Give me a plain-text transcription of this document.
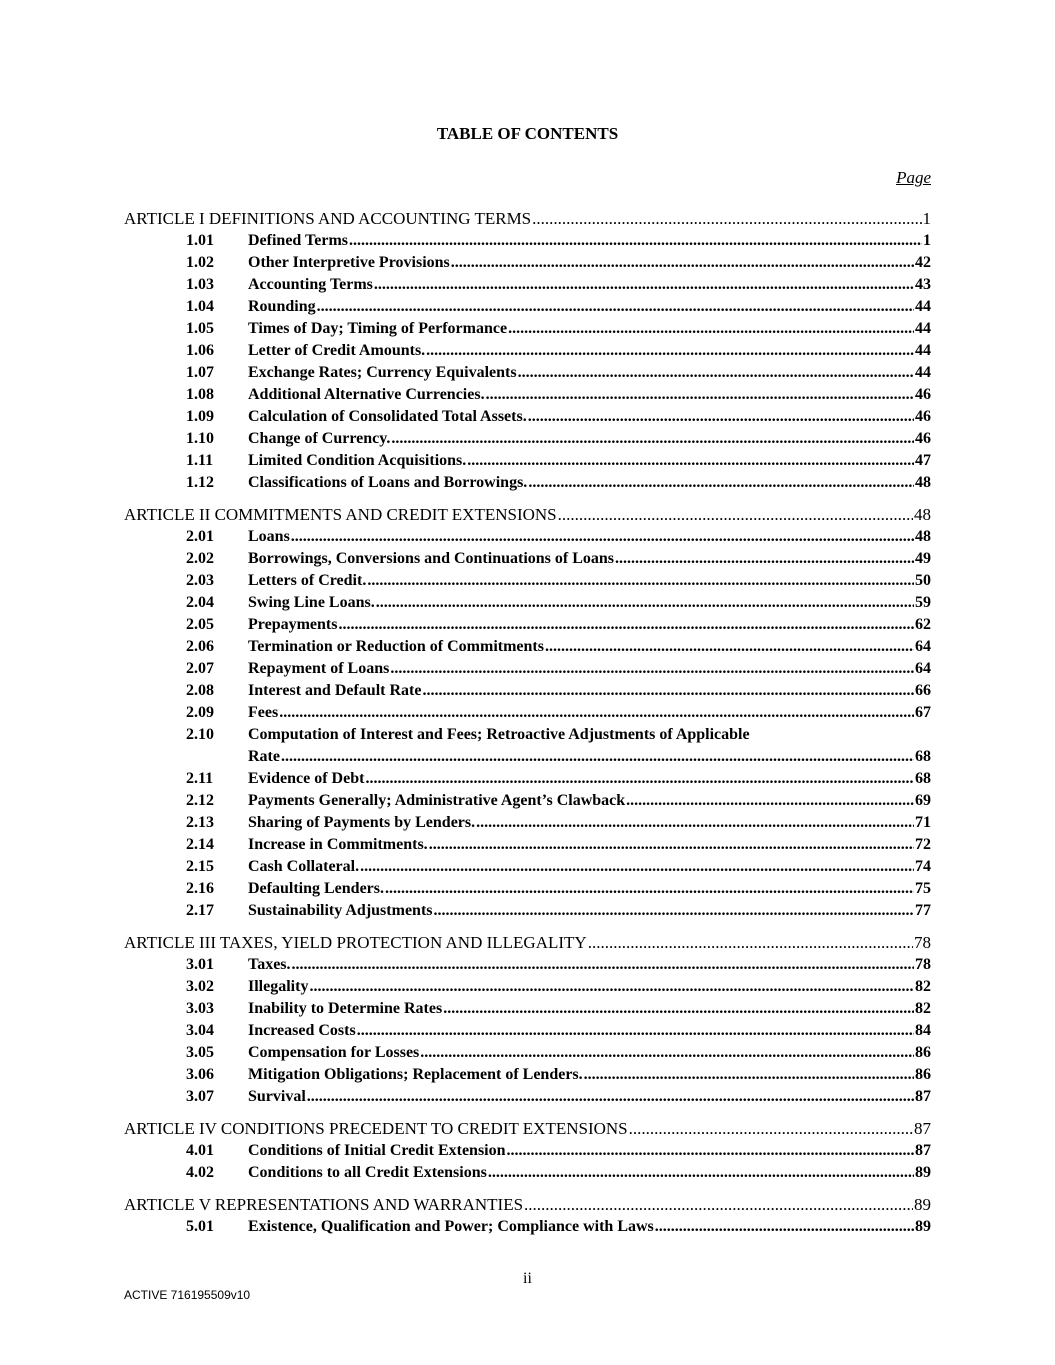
TABLE OF CONTENTS
Page
ARTICLE I DEFINITIONS AND ACCOUNTING TERMS .....	1
1.01	Defined Terms .....	1
1.02	Other Interpretive Provisions .....	42
1.03	Accounting Terms .....	43
1.04	Rounding .....	44
1.05	Times of Day; Timing of Performance .....	44
1.06	Letter of Credit Amounts. .....	44
1.07	Exchange Rates; Currency Equivalents .....	44
1.08	Additional Alternative Currencies. .....	46
1.09	Calculation of Consolidated Total Assets. .....	46
1.10	Change of Currency. .....	46
1.11	Limited Condition Acquisitions. .....	47
1.12	Classifications of Loans and Borrowings. .....	48
ARTICLE II COMMITMENTS AND CREDIT EXTENSIONS .....	48
2.01	Loans .....	48
2.02	Borrowings, Conversions and Continuations of Loans .....	49
2.03	Letters of Credit. .....	50
2.04	Swing Line Loans. .....	59
2.05	Prepayments .....	62
2.06	Termination or Reduction of Commitments .....	64
2.07	Repayment of Loans .....	64
2.08	Interest and Default Rate .....	66
2.09	Fees .....	67
2.10	Computation of Interest and Fees; Retroactive Adjustments of Applicable
Rate .....	68
2.11	Evidence of Debt .....	68
2.12	Payments Generally; Administrative Agent’s Clawback .....	69
2.13	Sharing of Payments by Lenders. .....	71
2.14	Increase in Commitments. .....	72
2.15	Cash Collateral. .....	74
2.16	Defaulting Lenders. .....	75
2.17	Sustainability Adjustments .....	77
ARTICLE III TAXES, YIELD PROTECTION AND ILLEGALITY .....	78
3.01	Taxes. .....	78
3.02	Illegality .....	82
3.03	Inability to Determine Rates .....	82
3.04	Increased Costs .....	84
3.05	Compensation for Losses .....	86
3.06	Mitigation Obligations; Replacement of Lenders. .....	86
3.07	Survival .....	87
ARTICLE IV CONDITIONS PRECEDENT TO CREDIT EXTENSIONS .....	87
4.01	Conditions of Initial Credit Extension .....	87
4.02	Conditions to all Credit Extensions .....	89
ARTICLE V REPRESENTATIONS AND WARRANTIES .....	89
5.01	Existence, Qualification and Power; Compliance with Laws .....	89
ii
ACTIVE 716195509v10
